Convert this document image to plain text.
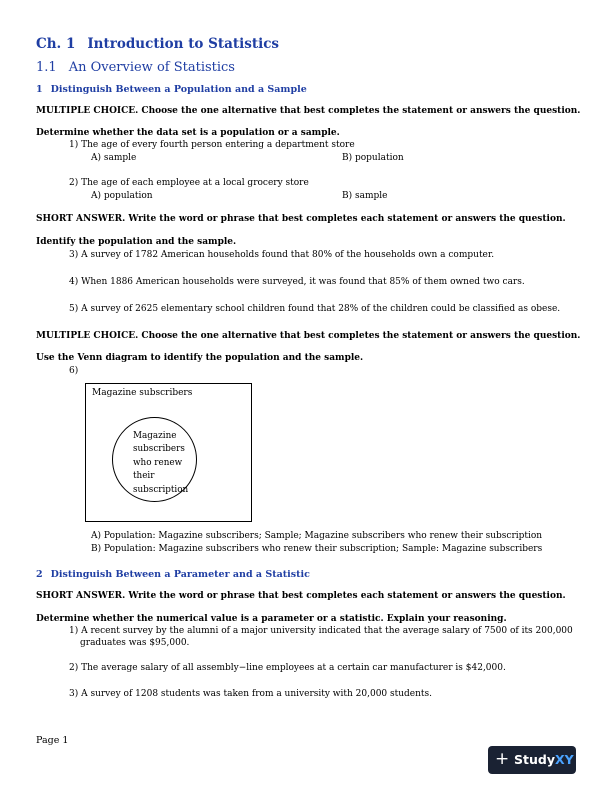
Ch. 1 Introduction to Statistics
1.1 An Overview of Statistics
1 Distinguish Between a Population and a Sample
MULTIPLE CHOICE. Choose the one alternative that best completes the statement or answers the question.
Determine whether the data set is a population or a sample.
1) The age of every fourth person entering a department store
A) sample	B) population
2) The age of each employee at a local grocery store
A) population	B) sample
SHORT ANSWER. Write the word or phrase that best completes each statement or answers the question.
Identify the population and the sample.
3) A survey of 1782 American households found that 80% of the households own a computer.
4) When 1886 American households were surveyed, it was found that 85% of them owned two cars.
5) A survey of 2625 elementary school children found that 28% of the children could be classified as obese.
MULTIPLE CHOICE. Choose the one alternative that best completes the statement or answers the question.
Use the Venn diagram to identify the population and the sample.
6)
Magazine subscribers
Magazine subscribers who renew their subscription
A) Population: Magazine subscribers; Sample; Magazine subscribers who renew their subscription
B) Population: Magazine subscribers who renew their subscription; Sample: Magazine subscribers
2 Distinguish Between a Parameter and a Statistic
SHORT ANSWER. Write the word or phrase that best completes each statement or answers the question.
Determine whether the numerical value is a parameter or a statistic. Explain your reasoning.
1) A recent survey by the alumni of a major university indicated that the average salary of 7500 of its 200,000
graduates was $95,000.
2) The average salary of all assembly−line employees at a certain car manufacturer is $42,000.
3) A survey of 1208 students was taken from a university with 20,000 students.
Page 1
+ StudyXY
